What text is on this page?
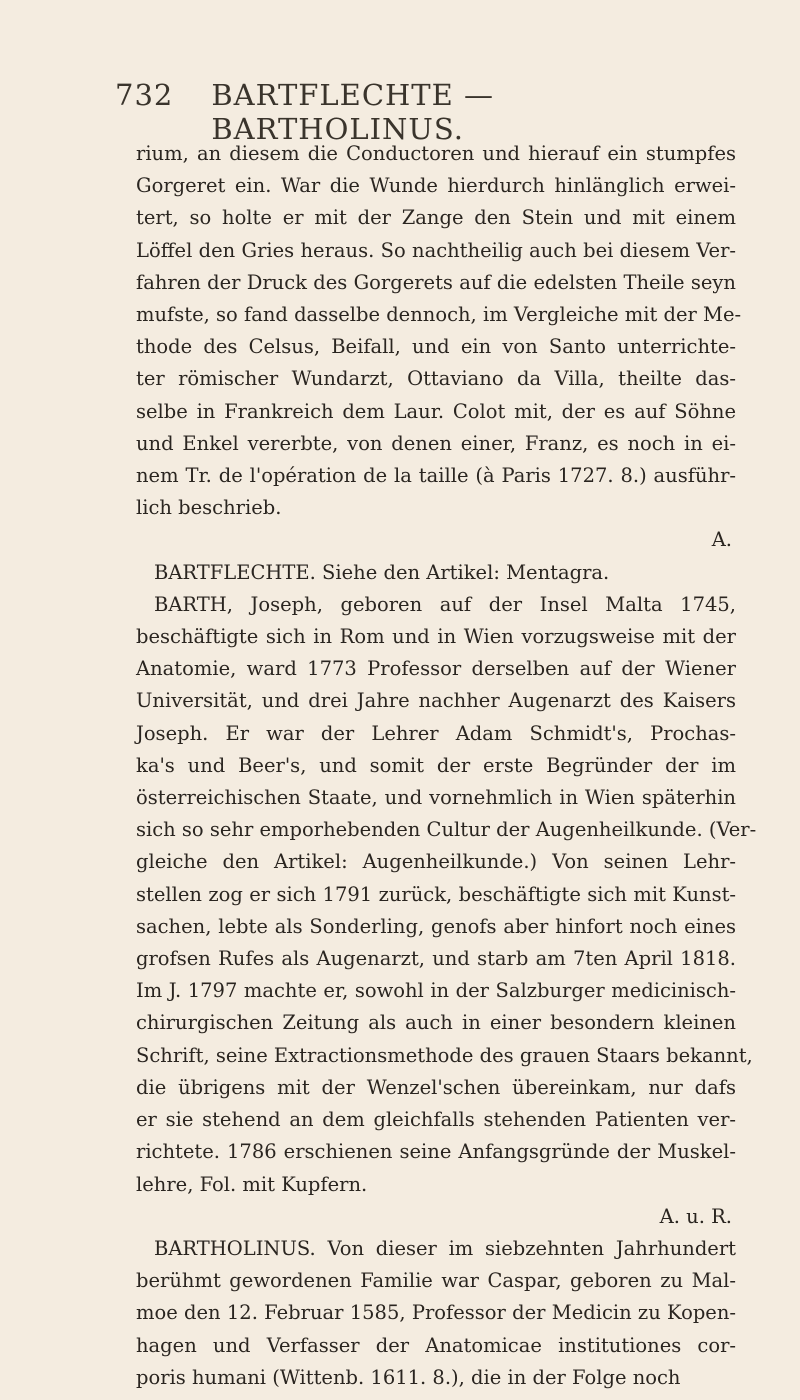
732 BARTFLECHTE — BARTHOLINUS.
rium, an diesem die Conductoren und hierauf ein stumpfes
Gorgeret ein. War die Wunde hierdurch hinlänglich erwei-
tert, so holte er mit der Zange den Stein und mit einem
Löffel den Gries heraus. So nachtheilig auch bei diesem Ver-
fahren der Druck des Gorgerets auf die edelsten Theile seyn
mufste, so fand dasselbe dennoch, im Vergleiche mit der Me-
thode des Celsus, Beifall, und ein von Santo unterrichte-
ter römischer Wundarzt, Ottaviano da Villa, theilte das-
selbe in Frankreich dem Laur. Colot mit, der es auf Söhne
und Enkel vererbte, von denen einer, Franz, es noch in ei-
nem Tr. de l'opération de la taille (à Paris 1727. 8.) ausführ-
lich beschrieb.
A.
BARTFLECHTE. Siehe den Artikel: Mentagra.
BARTH, Joseph, geboren auf der Insel Malta 1745,
beschäftigte sich in Rom und in Wien vorzugsweise mit der
Anatomie, ward 1773 Professor derselben auf der Wiener
Universität, und drei Jahre nachher Augenarzt des Kaisers
Joseph. Er war der Lehrer Adam Schmidt's, Prochas-
ka's und Beer's, und somit der erste Begründer der im
österreichischen Staate, und vornehmlich in Wien späterhin
sich so sehr emporhebenden Cultur der Augenheilkunde. (Ver-
gleiche den Artikel: Augenheilkunde.) Von seinen Lehr-
stellen zog er sich 1791 zurück, beschäftigte sich mit Kunst-
sachen, lebte als Sonderling, genofs aber hinfort noch eines
grofsen Rufes als Augenarzt, und starb am 7ten April 1818.
Im J. 1797 machte er, sowohl in der Salzburger medicinisch-
chirurgischen Zeitung als auch in einer besondern kleinen
Schrift, seine Extractionsmethode des grauen Staars bekannt,
die übrigens mit der Wenzel'schen übereinkam, nur dafs
er sie stehend an dem gleichfalls stehenden Patienten ver-
richtete. 1786 erschienen seine Anfangsgründe der Muskel-
lehre, Fol. mit Kupfern.
A. u. R.
BARTHOLINUS. Von dieser im siebzehnten Jahrhundert
berühmt gewordenen Familie war Caspar, geboren zu Mal-
moe den 12. Februar 1585, Professor der Medicin zu Kopen-
hagen und Verfasser der Anatomicae institutiones cor-
poris humani (Wittenb. 1611. 8.), die in der Folge noch
